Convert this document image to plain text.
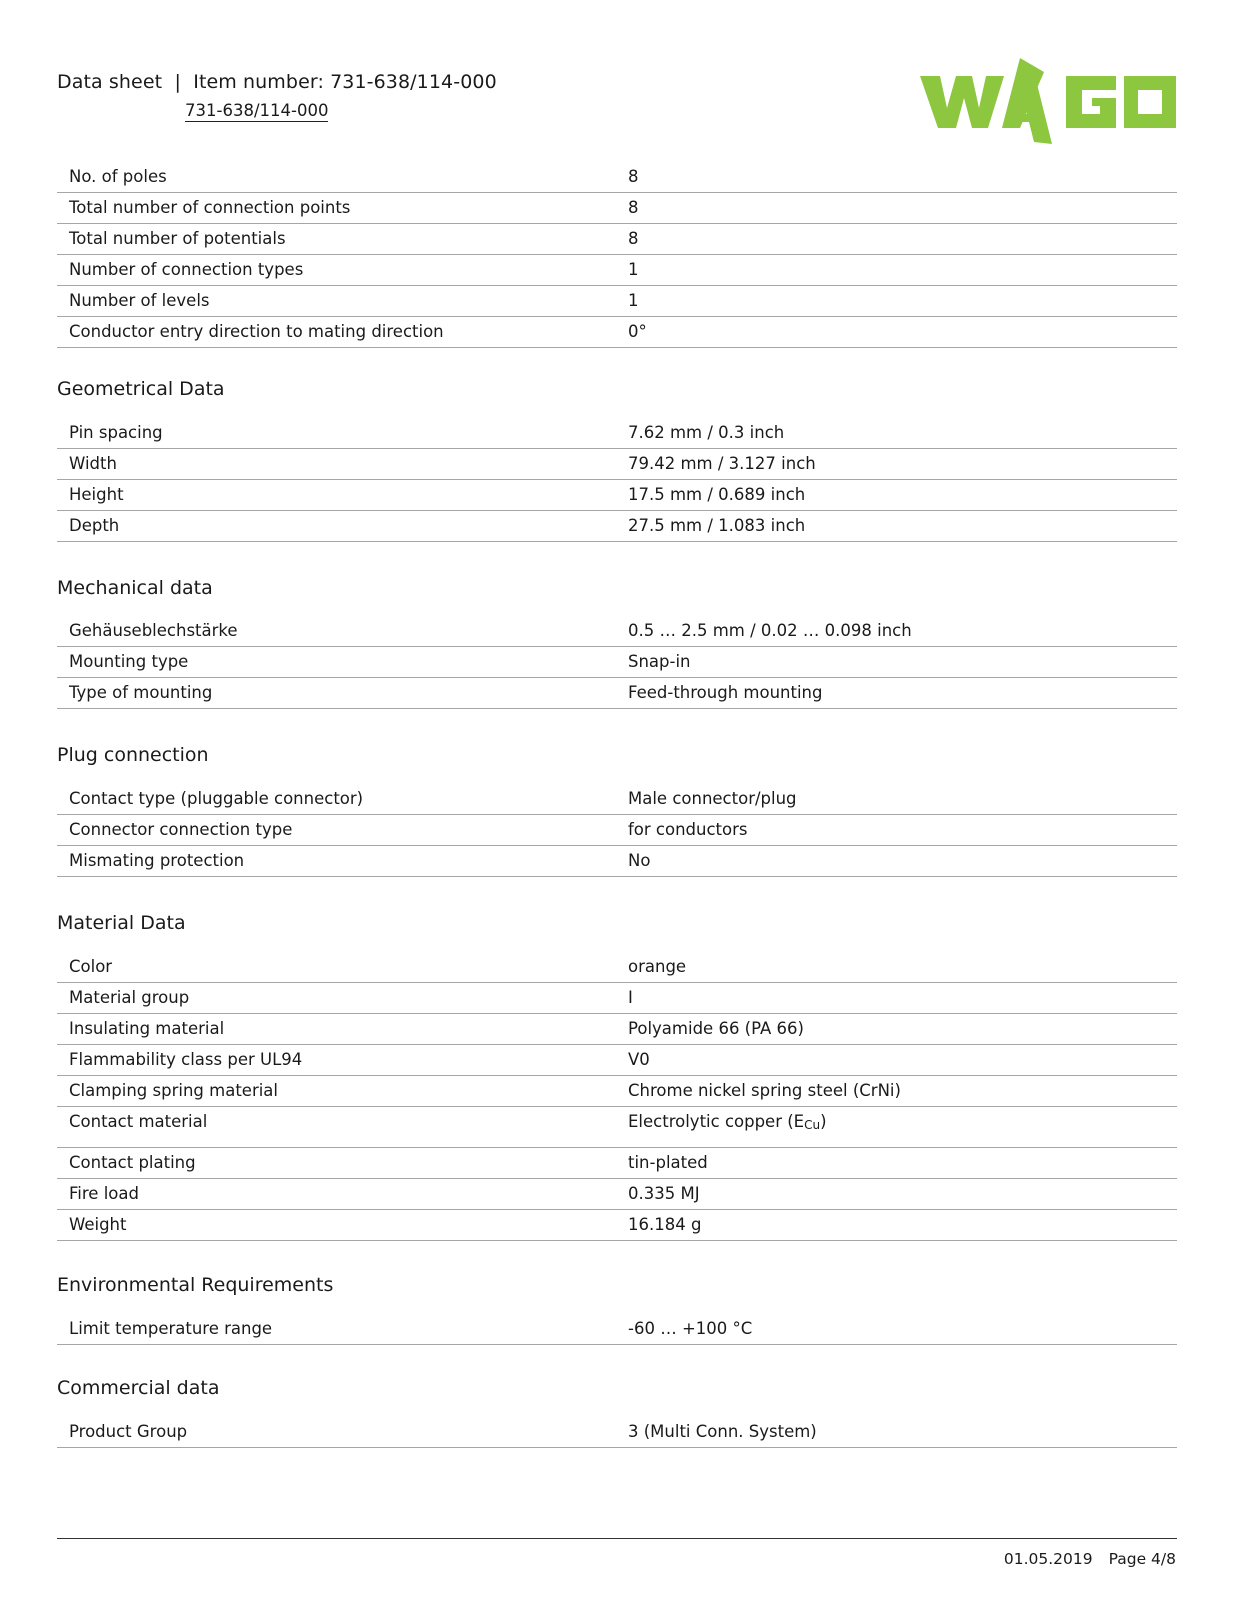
Data sheet  |  Item number: 731-638/114-000
731-638/114-000
No. of poles	8
Total number of connection points	8
Total number of potentials	8
Number of connection types	1
Number of levels	1
Conductor entry direction to mating direction	0°
Geometrical Data
Pin spacing	7.62 mm / 0.3 inch
Width	79.42 mm / 3.127 inch
Height	17.5 mm / 0.689 inch
Depth	27.5 mm / 1.083 inch
Mechanical data
Gehäuseblechstärke	0.5 … 2.5 mm / 0.02 … 0.098 inch
Mounting type	Snap-in
Type of mounting	Feed-through mounting
Plug connection
Contact type (pluggable connector)	Male connector/plug
Connector connection type	for conductors
Mismating protection	No
Material Data
Color	orange
Material group	I
Insulating material	Polyamide 66 (PA 66)
Flammability class per UL94	V0
Clamping spring material	Chrome nickel spring steel (CrNi)
Contact material	Electrolytic copper $(E_{Cu})$
Contact plating	tin-plated
Fire load	0.335 MJ
Weight	16.184 g
Environmental Requirements
Limit temperature range	-60 … +100 °C
Commercial data
Product Group	3 (Multi Conn. System)
01.05.2019 Page 4/8
